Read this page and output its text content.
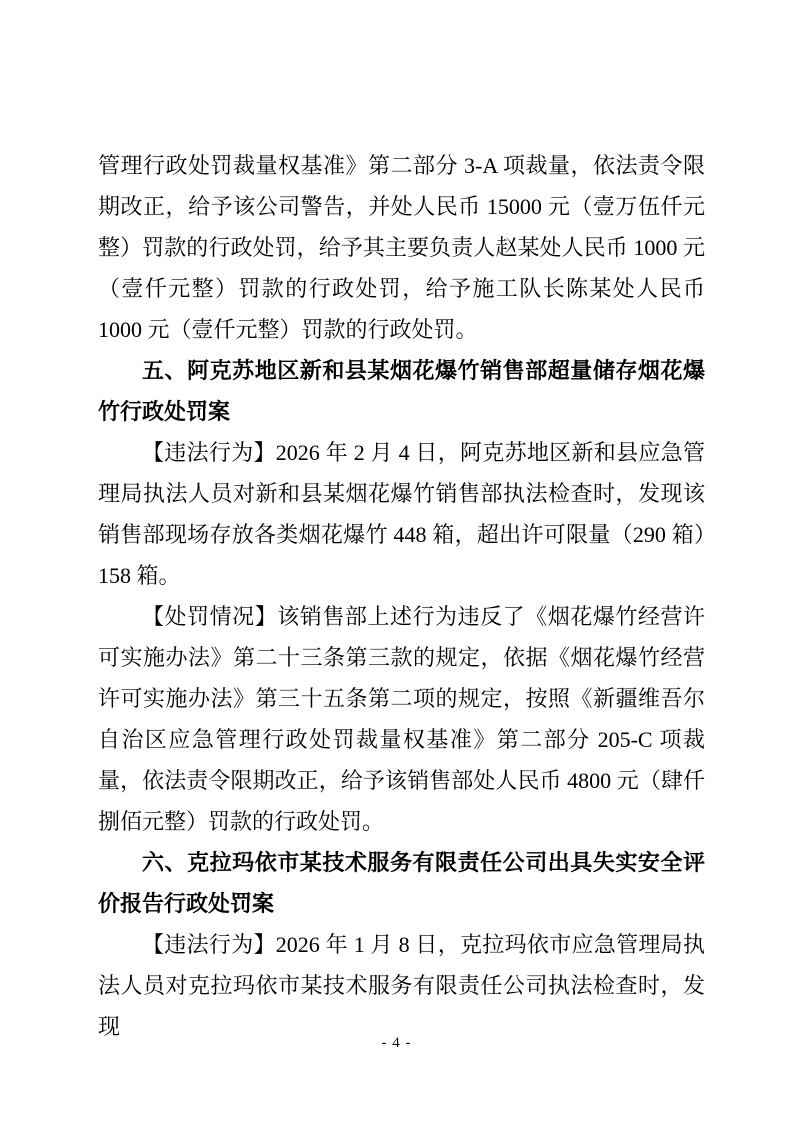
管理行政处罚裁量权基准》第二部分 3-A 项裁量，依法责令限期改正，给予该公司警告，并处人民币 15000 元（壹万伍仟元整）罚款的行政处罚，给予其主要负责人赵某处人民币 1000 元（壹仟元整）罚款的行政处罚，给予施工队长陈某处人民币 1000 元（壹仟元整）罚款的行政处罚。

五、阿克苏地区新和县某烟花爆竹销售部超量储存烟花爆竹行政处罚案

【违法行为】2026 年 2 月 4 日，阿克苏地区新和县应急管理局执法人员对新和县某烟花爆竹销售部执法检查时，发现该销售部现场存放各类烟花爆竹 448 箱，超出许可限量（290 箱）158 箱。

【处罚情况】该销售部上述行为违反了《烟花爆竹经营许可实施办法》第二十三条第三款的规定，依据《烟花爆竹经营许可实施办法》第三十五条第二项的规定，按照《新疆维吾尔自治区应急管理行政处罚裁量权基准》第二部分 205-C 项裁量，依法责令限期改正，给予该销售部处人民币 4800 元（肆仟捌佰元整）罚款的行政处罚。

六、克拉玛依市某技术服务有限责任公司出具失实安全评价报告行政处罚案

【违法行为】2026 年 1 月 8 日，克拉玛依市应急管理局执法人员对克拉玛依市某技术服务有限责任公司执法检查时，发现

- 4 -
